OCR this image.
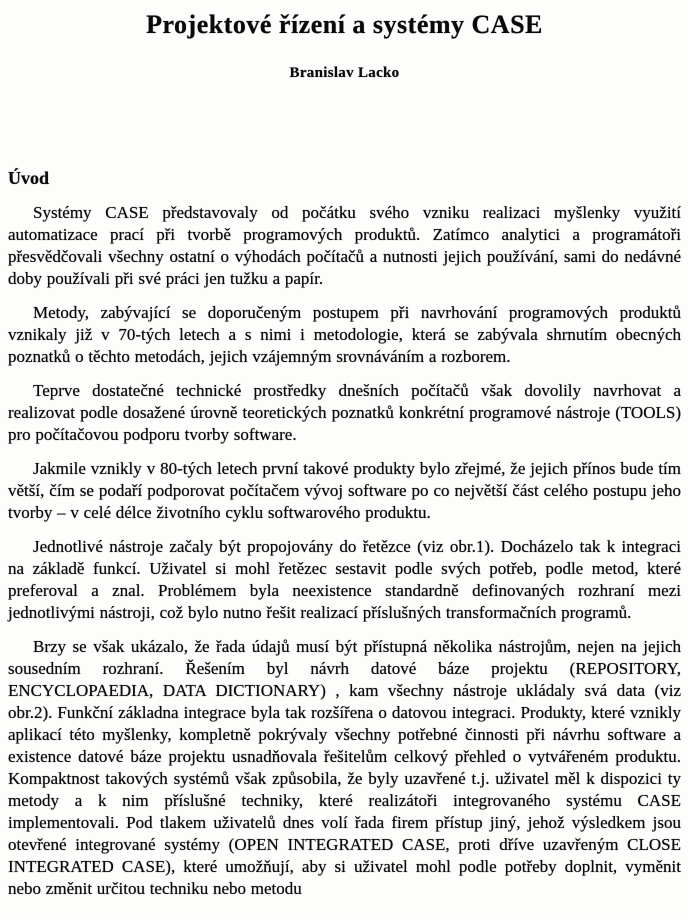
Projektové řízení a systémy CASE
Branislav Lacko
Úvod

Systémy CASE představovaly od počátku svého vzniku realizaci myšlenky využití automatizace prací při tvorbě programových produktů. Zatímco analytici a programátoři přesvědčovali všechny ostatní o výhodách počítačů a nutnosti jejich používání, sami do nedávné doby používali při své práci jen tužku a papír.

Metody, zabývající se doporučeným postupem při navrhování programových produktů vznikaly již v 70-tých letech a s nimi i metodologie, která se zabývala shrnutím obecných poznatků o těchto metodách, jejich vzájemným srovnáváním a rozborem.

Teprve dostatečné technické prostředky dnešních počítačů však dovolily navrhovat a realizovat podle dosažené úrovně teoretických poznatků konkrétní programové nástroje (TOOLS) pro počítačovou podporu tvorby software.

Jakmile vznikly v 80-tých letech první takové produkty bylo zřejmé, že jejich přínos bude tím větší, čím se podaří podporovat počítačem vývoj software po co největší část celého postupu jeho tvorby – v celé délce životního cyklu softwarového produktu.

Jednotlivé nástroje začaly být propojovány do řetězce (viz obr.1). Docházelo tak k integraci na základě funkcí. Uživatel si mohl řetězec sestavit podle svých potřeb, podle metod, které preferoval a znal. Problémem byla neexistence standardně definovaných rozhraní mezi jednotlivými nástroji, což bylo nutno řešit realizací příslušných transformačních programů.

Brzy se však ukázalo, že řada údajů musí být přístupná několika nástrojům, nejen na jejich sousedním rozhraní. Řešením byl návrh datové báze projektu (REPOSITORY, ENCYCLOPAEDIA, DATA DICTIONARY) , kam všechny nástroje ukládaly svá data (viz obr.2). Funkční základna integrace byla tak rozšířena o datovou integraci. Produkty, které vznikly aplikací této myšlenky, kompletně pokrývaly všechny potřebné činnosti při návrhu software a existence datové báze projektu usnadňovala řešitelům celkový přehled o vytvářeném produktu. Kompaktnost takových systémů však způsobila, že byly uzavřené t.j. uživatel měl k dispozici ty metody a k nim příslušné techniky, které realizátoři integrovaného systému CASE implementovali. Pod tlakem uživatelů dnes volí řada firem přístup jiný, jehož výsledkem jsou otevřené integrované systémy (OPEN INTEGRATED CASE, proti dříve uzavřeným CLOSE INTEGRATED CASE), které umožňují, aby si uživatel mohl podle potřeby doplnit, vyměnit nebo změnit určitou techniku nebo metodu
